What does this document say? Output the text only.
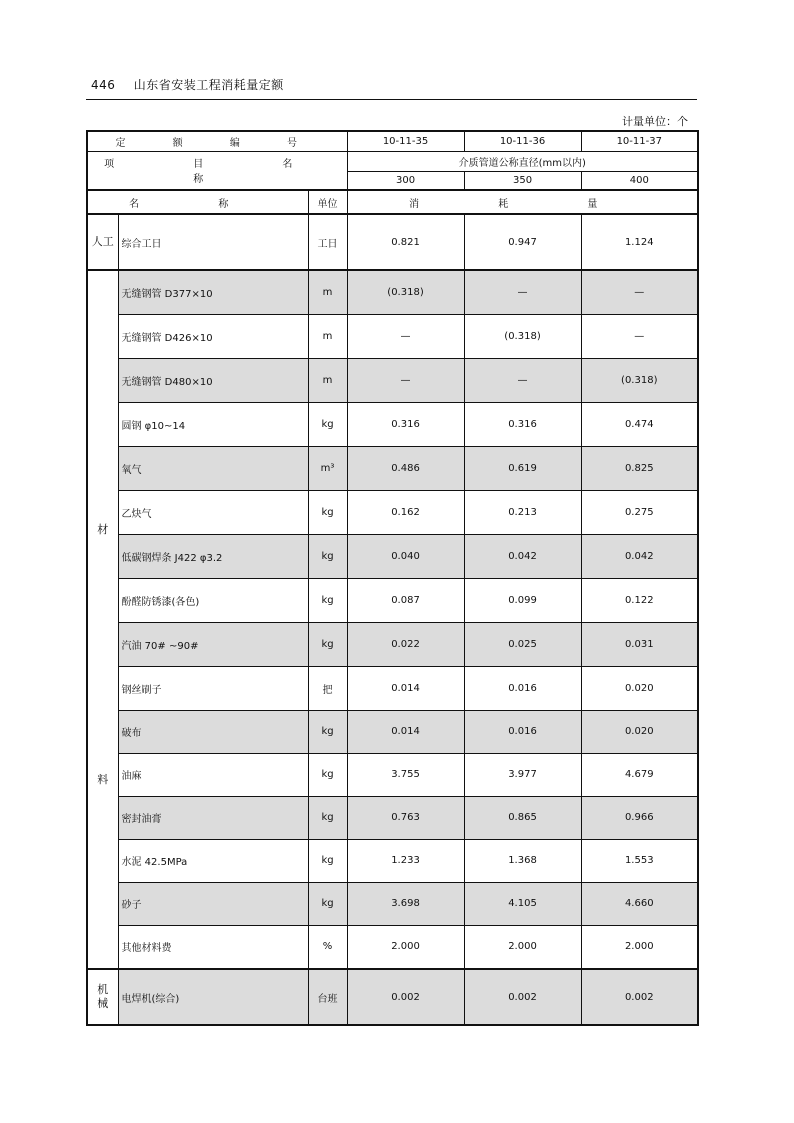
446 山东省安装工程消耗量定额
计量单位：个
定 额 编 号			10-11-35	10-11-36	10-11-37
项 目 名 称			介质管道公称直径(mm以内)		
			300	350	400
名 称		单位	消 耗 量		
人工	综合工日	工日	0.821	0.947	1.124

材
料	无缝钢管 D377×10	m	(0.318)	—	—
	无缝钢管 D426×10	m	—	(0.318)	—
	无缝钢管 D480×10	m	—	—	(0.318)
	圆钢 φ10~14	kg	0.316	0.316	0.474
	氧气	m³	0.486	0.619	0.825
	乙炔气	kg	0.162	0.213	0.275
	低碳钢焊条 J422 φ3.2	kg	0.040	0.042	0.042
	酚醛防锈漆(各色)	kg	0.087	0.099	0.122
	汽油 70# ~90#	kg	0.022	0.025	0.031
	钢丝刷子	把	0.014	0.016	0.020
	破布	kg	0.014	0.016	0.020
	油麻	kg	3.755	3.977	4.679
	密封油膏	kg	0.763	0.865	0.966
	水泥 42.5MPa	kg	1.233	1.368	1.553
	砂子	kg	3.698	4.105	4.660
	其他材料费	%	2.000	2.000	2.000
机械	电焊机(综合)	台班	0.002	0.002	0.002
